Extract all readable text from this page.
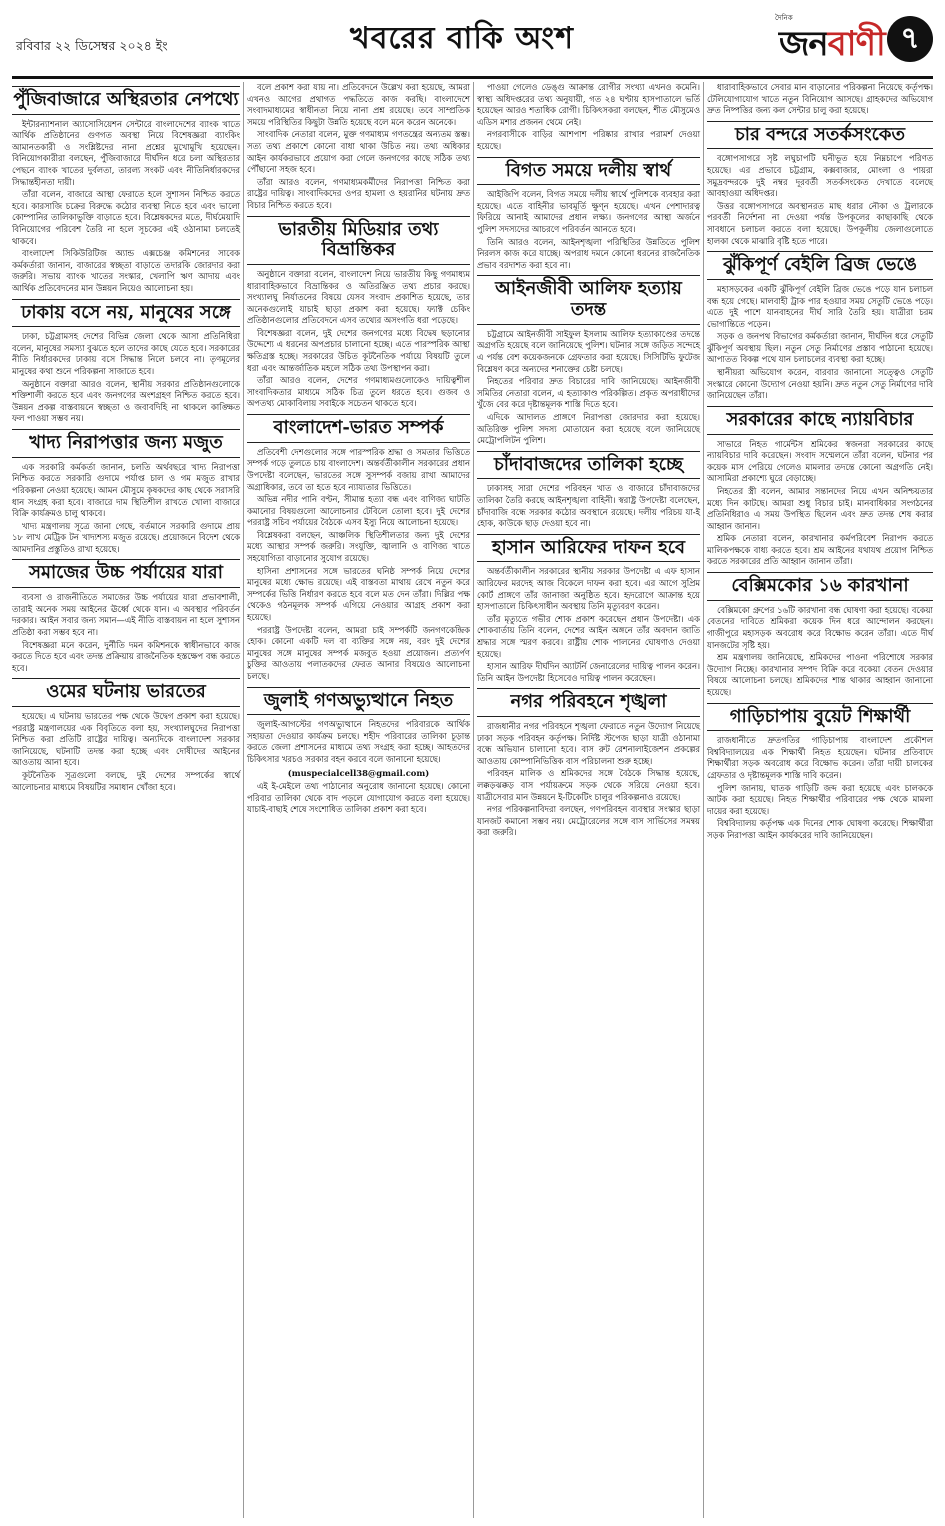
রবিবার ২২ ডিসেম্বর ২০২৪ ইং	খবরের বাকি অংশ
দৈনিক
জনবাণী ৭
পুঁজিবাজারে অস্থিরতার নেপথ্যে

ইন্টারন্যাশনাল অ্যাসোসিয়েশন সেন্টারে বাংলাদেশের ব্যাংক খাতে আর্থিক প্রতিষ্ঠানের গুণগত অবস্থা নিয়ে বিশেষজ্ঞরা ব্যাংকিং আমানতকারী ও সংশ্লিষ্টদের নানা প্রশ্নের মুখোমুখি হয়েছেন। বিনিয়োগকারীরা বলছেন, পুঁজিবাজারে দীর্ঘদিন ধরে চলা অস্থিরতার পেছনে ব্যাংক খাতের দুর্বলতা, তারল্য সংকট এবং নীতিনির্ধারকদের সিদ্ধান্তহীনতা দায়ী।

তাঁরা বলেন, বাজারে আস্থা ফেরাতে হলে সুশাসন নিশ্চিত করতে হবে। কারসাজি চক্রের বিরুদ্ধে কঠোর ব্যবস্থা নিতে হবে এবং ভালো কোম্পানির তালিকাভুক্তি বাড়াতে হবে। বিশ্লেষকদের মতে, দীর্ঘমেয়াদি বিনিয়োগের পরিবেশ তৈরি না হলে সূচকের এই ওঠানামা চলতেই থাকবে।

বাংলাদেশ সিকিউরিটিজ অ্যান্ড এক্সচেঞ্জ কমিশনের সাবেক কর্মকর্তারা জানান, বাজারের স্বচ্ছতা বাড়াতে তদারকি জোরদার করা জরুরি। সভায় ব্যাংক খাতের সংস্কার, খেলাপি ঋণ আদায় এবং আর্থিক প্রতিবেদনের মান উন্নয়ন নিয়েও আলোচনা হয়।

ঢাকায় বসে নয়, মানুষের সঙ্গে

ঢাকা, চট্টগ্রামসহ দেশের বিভিন্ন জেলা থেকে আসা প্রতিনিধিরা বলেন, মানুষের সমস্যা বুঝতে হলে তাদের কাছে যেতে হবে। সরকারের নীতি নির্ধারকদের ঢাকায় বসে সিদ্ধান্ত নিলে চলবে না। তৃণমূলের মানুষের কথা শুনে পরিকল্পনা সাজাতে হবে।

অনুষ্ঠানে বক্তারা আরও বলেন, স্থানীয় সরকার প্রতিষ্ঠানগুলোকে শক্তিশালী করতে হবে এবং জনগণের অংশগ্রহণ নিশ্চিত করতে হবে। উন্নয়ন প্রকল্প বাস্তবায়নে স্বচ্ছতা ও জবাবদিহি না থাকলে কাঙ্ক্ষিত ফল পাওয়া সম্ভব নয়।

খাদ্য নিরাপত্তার জন্য মজুত

এক সরকারি কর্মকর্তা জানান, চলতি অর্থবছরে খাদ্য নিরাপত্তা নিশ্চিত করতে সরকারি গুদামে পর্যাপ্ত চাল ও গম মজুত রাখার পরিকল্পনা নেওয়া হয়েছে। আমন মৌসুমে কৃষকদের কাছ থেকে সরাসরি ধান সংগ্রহ করা হবে। বাজারে দাম স্থিতিশীল রাখতে খোলা বাজারে বিক্রি কার্যক্রমও চালু থাকবে।

খাদ্য মন্ত্রণালয় সূত্রে জানা গেছে, বর্তমানে সরকারি গুদামে প্রায় ১৮ লাখ মেট্রিক টন খাদ্যশস্য মজুত রয়েছে। প্রয়োজনে বিদেশ থেকে আমদানির প্রস্তুতিও রাখা হয়েছে।

সমাজের উচ্চ পর্যায়ের যারা

ব্যবসা ও রাজনীতিতে সমাজের উচ্চ পর্যায়ের যারা প্রভাবশালী, তারাই অনেক সময় আইনের ঊর্ধ্বে থেকে যান। এ অবস্থার পরিবর্তন দরকার। আইন সবার জন্য সমান—এই নীতি বাস্তবায়ন না হলে সুশাসন প্রতিষ্ঠা করা সম্ভব হবে না।

বিশেষজ্ঞরা মনে করেন, দুর্নীতি দমন কমিশনকে স্বাধীনভাবে কাজ করতে দিতে হবে এবং তদন্ত প্রক্রিয়ায় রাজনৈতিক হস্তক্ষেপ বন্ধ করতে হবে।

ওমের ঘটনায় ভারতের

হয়েছে। এ ঘটনায় ভারতের পক্ষ থেকে উদ্বেগ প্রকাশ করা হয়েছে। পররাষ্ট্র মন্ত্রণালয়ের এক বিবৃতিতে বলা হয়, সংখ্যালঘুদের নিরাপত্তা নিশ্চিত করা প্রতিটি রাষ্ট্রের দায়িত্ব। অন্যদিকে বাংলাদেশ সরকার জানিয়েছে, ঘটনাটি তদন্ত করা হচ্ছে এবং দোষীদের আইনের আওতায় আনা হবে।

কূটনৈতিক সূত্রগুলো বলছে, দুই দেশের সম্পর্কের স্বার্থে আলোচনার মাধ্যমে বিষয়টির সমাধান খোঁজা হবে।

বলে প্রকাশ করা যায় না। প্রতিবেদনে উল্লেখ করা হয়েছে, আমরা এখনও আগের প্রথাগত পদ্ধতিতে কাজ করছি। বাংলাদেশে সংবাদমাধ্যমের স্বাধীনতা নিয়ে নানা প্রশ্ন রয়েছে। তবে সাম্প্রতিক সময়ে পরিস্থিতির কিছুটা উন্নতি হয়েছে বলে মনে করেন অনেকে।

সাংবাদিক নেতারা বলেন, মুক্ত গণমাধ্যম গণতন্ত্রের অন্যতম স্তম্ভ। সত্য তথ্য প্রকাশে কোনো বাধা থাকা উচিত নয়। তথ্য অধিকার আইন কার্যকরভাবে প্রয়োগ করা গেলে জনগণের কাছে সঠিক তথ্য পৌঁছানো সহজ হবে।

তাঁরা আরও বলেন, গণমাধ্যমকর্মীদের নিরাপত্তা নিশ্চিত করা রাষ্ট্রের দায়িত্ব। সাংবাদিকদের ওপর হামলা ও হয়রানির ঘটনায় দ্রুত বিচার নিশ্চিত করতে হবে।

ভারতীয় মিডিয়ার তথ্য বিভ্রান্তিকর

অনুষ্ঠানে বক্তারা বলেন, বাংলাদেশ নিয়ে ভারতীয় কিছু গণমাধ্যম ধারাবাহিকভাবে বিভ্রান্তিকর ও অতিরঞ্জিত তথ্য প্রচার করছে। সংখ্যালঘু নির্যাতনের বিষয়ে যেসব সংবাদ প্রকাশিত হয়েছে, তার অনেকগুলোই যাচাই ছাড়া প্রকাশ করা হয়েছে। ফ্যাক্ট চেকিং প্রতিষ্ঠানগুলোর প্রতিবেদনে এসব তথ্যের অসংগতি ধরা পড়েছে।

বিশেষজ্ঞরা বলেন, দুই দেশের জনগণের মধ্যে বিদ্বেষ ছড়ানোর উদ্দেশ্যে এ ধরনের অপপ্রচার চালানো হচ্ছে। এতে পারস্পরিক আস্থা ক্ষতিগ্রস্ত হচ্ছে। সরকারের উচিত কূটনৈতিক পর্যায়ে বিষয়টি তুলে ধরা এবং আন্তর্জাতিক মহলে সঠিক তথ্য উপস্থাপন করা।

তাঁরা আরও বলেন, দেশের গণমাধ্যমগুলোকেও দায়িত্বশীল সাংবাদিকতার মাধ্যমে সঠিক চিত্র তুলে ধরতে হবে। গুজব ও অপতথ্য মোকাবিলায় সবাইকে সচেতন থাকতে হবে।

বাংলাদেশ-ভারত সম্পর্ক

প্রতিবেশী দেশগুলোর সঙ্গে পারস্পরিক শ্রদ্ধা ও সমতার ভিত্তিতে সম্পর্ক গড়ে তুলতে চায় বাংলাদেশ। অন্তর্বর্তীকালীন সরকারের প্রধান উপদেষ্টা বলেছেন, ভারতের সঙ্গে সুসম্পর্ক বজায় রাখা আমাদের অগ্রাধিকার, তবে তা হতে হবে ন্যায্যতার ভিত্তিতে।

অভিন্ন নদীর পানি বণ্টন, সীমান্ত হত্যা বন্ধ এবং বাণিজ্য ঘাটতি কমানোর বিষয়গুলো আলোচনার টেবিলে তোলা হবে। দুই দেশের পররাষ্ট্র সচিব পর্যায়ের বৈঠকে এসব ইস্যু নিয়ে আলোচনা হয়েছে।

বিশ্লেষকরা বলছেন, আঞ্চলিক স্থিতিশীলতার জন্য দুই দেশের মধ্যে আস্থার সম্পর্ক জরুরি। সংযুক্তি, জ্বালানি ও বাণিজ্য খাতে সহযোগিতা বাড়ানোর সুযোগ রয়েছে।

হাসিনা প্রশাসনের সঙ্গে ভারতের ঘনিষ্ঠ সম্পর্ক নিয়ে দেশের মানুষের মধ্যে ক্ষোভ রয়েছে। এই বাস্তবতা মাথায় রেখে নতুন করে সম্পর্কের ভিত্তি নির্ধারণ করতে হবে বলে মত দেন তাঁরা। দিল্লির পক্ষ থেকেও গঠনমূলক সম্পর্ক এগিয়ে নেওয়ার আগ্রহ প্রকাশ করা হয়েছে।

পররাষ্ট্র উপদেষ্টা বলেন, আমরা চাই সম্পর্কটি জনগণকেন্দ্রিক হোক। কোনো একটি দল বা ব্যক্তির সঙ্গে নয়, বরং দুই দেশের মানুষের সঙ্গে মানুষের সম্পর্ক মজবুত হওয়া প্রয়োজন। প্রত্যর্পণ চুক্তির আওতায় পলাতকদের ফেরত আনার বিষয়েও আলোচনা চলছে।

জুলাই গণঅভ্যুত্থানে নিহত

জুলাই-আগস্টের গণঅভ্যুত্থানে নিহতদের পরিবারকে আর্থিক সহায়তা দেওয়ার কার্যক্রম চলছে। শহীদ পরিবারের তালিকা চূড়ান্ত করতে জেলা প্রশাসনের মাধ্যমে তথ্য সংগ্রহ করা হচ্ছে। আহতদের চিকিৎসার খরচও সরকার বহন করবে বলে জানানো হয়েছে।

(muspecialcell38@gmail.com)

এই ই-মেইলে তথ্য পাঠানোর অনুরোধ জানানো হয়েছে। কোনো পরিবার তালিকা থেকে বাদ পড়লে যোগাযোগ করতে বলা হয়েছে। যাচাই-বাছাই শেষে সংশোধিত তালিকা প্রকাশ করা হবে।

পাওয়া গেলেও ডেঙ্গু আক্রান্ত রোগীর সংখ্যা এখনও কমেনি। স্বাস্থ্য অধিদপ্তরের তথ্য অনুযায়ী, গত ২৪ ঘণ্টায় হাসপাতালে ভর্তি হয়েছেন আরও শতাধিক রোগী। চিকিৎসকরা বলছেন, শীত মৌসুমেও এডিস মশার প্রজনন থেমে নেই।

নগরবাসীকে বাড়ির আশপাশ পরিষ্কার রাখার পরামর্শ দেওয়া হয়েছে।

বিগত সময়ে দলীয় স্বার্থ

আইজিপি বলেন, বিগত সময়ে দলীয় স্বার্থে পুলিশকে ব্যবহার করা হয়েছে। এতে বাহিনীর ভাবমূর্তি ক্ষুণ্ন হয়েছে। এখন পেশাদারত্ব ফিরিয়ে আনাই আমাদের প্রধান লক্ষ্য। জনগণের আস্থা অর্জনে পুলিশ সদস্যদের আচরণে পরিবর্তন আনতে হবে।

তিনি আরও বলেন, আইনশৃঙ্খলা পরিস্থিতির উন্নতিতে পুলিশ নিরলস কাজ করে যাচ্ছে। অপরাধ দমনে কোনো ধরনের রাজনৈতিক প্রভাব বরদাশত করা হবে না।

আইনজীবী আলিফ হত্যায় তদন্ত

চট্টগ্রামে আইনজীবী সাইফুল ইসলাম আলিফ হত্যাকাণ্ডের তদন্তে অগ্রগতি হয়েছে বলে জানিয়েছে পুলিশ। ঘটনার সঙ্গে জড়িত সন্দেহে এ পর্যন্ত বেশ কয়েকজনকে গ্রেফতার করা হয়েছে। সিসিটিভি ফুটেজ বিশ্লেষণ করে অন্যদের শনাক্তের চেষ্টা চলছে।

নিহতের পরিবার দ্রুত বিচারের দাবি জানিয়েছে। আইনজীবী সমিতির নেতারা বলেন, এ হত্যাকাণ্ড পরিকল্পিত। প্রকৃত অপরাধীদের খুঁজে বের করে দৃষ্টান্তমূলক শাস্তি দিতে হবে।

এদিকে আদালত প্রাঙ্গণে নিরাপত্তা জোরদার করা হয়েছে। অতিরিক্ত পুলিশ সদস্য মোতায়েন করা হয়েছে বলে জানিয়েছে মেট্রোপলিটন পুলিশ।

চাঁদাবাজদের তালিকা হচ্ছে

ঢাকাসহ সারা দেশের পরিবহন খাত ও বাজারে চাঁদাবাজদের তালিকা তৈরি করছে আইনশৃঙ্খলা বাহিনী। স্বরাষ্ট্র উপদেষ্টা বলেছেন, চাঁদাবাজি বন্ধে সরকার কঠোর অবস্থানে রয়েছে। দলীয় পরিচয় যা-ই হোক, কাউকে ছাড় দেওয়া হবে না।

হাসান আরিফের দাফন হবে

অন্তর্বর্তীকালীন সরকারের স্থানীয় সরকার উপদেষ্টা এ এফ হাসান আরিফের মরদেহ আজ বিকেলে দাফন করা হবে। এর আগে সুপ্রিম কোর্ট প্রাঙ্গণে তাঁর জানাজা অনুষ্ঠিত হবে। হৃদরোগে আক্রান্ত হয়ে হাসপাতালে চিকিৎসাধীন অবস্থায় তিনি মৃত্যুবরণ করেন।

তাঁর মৃত্যুতে গভীর শোক প্রকাশ করেছেন প্রধান উপদেষ্টা। এক শোকবার্তায় তিনি বলেন, দেশের আইন অঙ্গনে তাঁর অবদান জাতি শ্রদ্ধার সঙ্গে স্মরণ করবে। রাষ্ট্রীয় শোক পালনের ঘোষণাও দেওয়া হয়েছে।

হাসান আরিফ দীর্ঘদিন অ্যাটর্নি জেনারেলের দায়িত্ব পালন করেন। তিনি আইন উপদেষ্টা হিসেবেও দায়িত্ব পালন করেছেন।

নগর পরিবহনে শৃঙ্খলা

রাজধানীর নগর পরিবহনে শৃঙ্খলা ফেরাতে নতুন উদ্যোগ নিয়েছে ঢাকা সড়ক পরিবহন কর্তৃপক্ষ। নির্দিষ্ট স্টপেজ ছাড়া যাত্রী ওঠানামা বন্ধে অভিযান চালানো হবে। বাস রুট রেশনালাইজেশন প্রকল্পের আওতায় কোম্পানিভিত্তিক বাস পরিচালনা শুরু হচ্ছে।

পরিবহন মালিক ও শ্রমিকদের সঙ্গে বৈঠকে সিদ্ধান্ত হয়েছে, লক্কড়ঝক্কড় বাস পর্যায়ক্রমে সড়ক থেকে সরিয়ে নেওয়া হবে। যাত্রীসেবার মান উন্নয়নে ই-টিকেটিং চালুর পরিকল্পনাও রয়েছে।

নগর পরিকল্পনাবিদরা বলছেন, গণপরিবহন ব্যবস্থার সংস্কার ছাড়া যানজট কমানো সম্ভব নয়। মেট্রোরেলের সঙ্গে বাস সার্ভিসের সমন্বয় করা জরুরি।

ধারাবাহিকভাবে সেবার মান বাড়ানোর পরিকল্পনা নিয়েছে কর্তৃপক্ষ। টেলিযোগাযোগ খাতে নতুন বিনিয়োগ আসছে। গ্রাহকদের অভিযোগ দ্রুত নিষ্পত্তির জন্য কল সেন্টার চালু করা হয়েছে।

চার বন্দরে সতর্কসংকেত

বঙ্গোপসাগরে সৃষ্ট লঘুচাপটি ঘনীভূত হয়ে নিম্নচাপে পরিণত হয়েছে। এর প্রভাবে চট্টগ্রাম, কক্সবাজার, মোংলা ও পায়রা সমুদ্রবন্দরকে দুই নম্বর দূরবর্তী সতর্কসংকেত দেখাতে বলেছে আবহাওয়া অধিদপ্তর।

উত্তর বঙ্গোপসাগরে অবস্থানরত মাছ ধরার নৌকা ও ট্রলারকে পরবর্তী নির্দেশনা না দেওয়া পর্যন্ত উপকূলের কাছাকাছি থেকে সাবধানে চলাচল করতে বলা হয়েছে। উপকূলীয় জেলাগুলোতে হালকা থেকে মাঝারি বৃষ্টি হতে পারে।

ঝুঁকিপূর্ণ বেইলি ব্রিজ ভেঙে

মহাসড়কের একটি ঝুঁকিপূর্ণ বেইলি ব্রিজ ভেঙে পড়ে যান চলাচল বন্ধ হয়ে গেছে। মালবাহী ট্রাক পার হওয়ার সময় সেতুটি ভেঙে পড়ে। এতে দুই পাশে যানবাহনের দীর্ঘ সারি তৈরি হয়। যাত্রীরা চরম ভোগান্তিতে পড়েন।

সড়ক ও জনপথ বিভাগের কর্মকর্তারা জানান, দীর্ঘদিন ধরে সেতুটি ঝুঁকিপূর্ণ অবস্থায় ছিল। নতুন সেতু নির্মাণের প্রস্তাব পাঠানো হয়েছে। আপাতত বিকল্প পথে যান চলাচলের ব্যবস্থা করা হচ্ছে।

স্থানীয়রা অভিযোগ করেন, বারবার জানানো সত্ত্বেও সেতুটি সংস্কারে কোনো উদ্যোগ নেওয়া হয়নি। দ্রুত নতুন সেতু নির্মাণের দাবি জানিয়েছেন তাঁরা।

সরকারের কাছে ন্যায়বিচার

সাভারে নিহত গার্মেন্টস শ্রমিকের স্বজনরা সরকারের কাছে ন্যায়বিচার দাবি করেছেন। সংবাদ সম্মেলনে তাঁরা বলেন, ঘটনার পর কয়েক মাস পেরিয়ে গেলেও মামলার তদন্তে কোনো অগ্রগতি নেই। আসামিরা প্রকাশ্যে ঘুরে বেড়াচ্ছে।

নিহতের স্ত্রী বলেন, আমার সন্তানদের নিয়ে এখন অনিশ্চয়তার মধ্যে দিন কাটছে। আমরা শুধু বিচার চাই। মানবাধিকার সংগঠনের প্রতিনিধিরাও এ সময় উপস্থিত ছিলেন এবং দ্রুত তদন্ত শেষ করার আহ্বান জানান।

শ্রমিক নেতারা বলেন, কারখানার কর্মপরিবেশ নিরাপদ করতে মালিকপক্ষকে বাধ্য করতে হবে। শ্রম আইনের যথাযথ প্রয়োগ নিশ্চিত করতে সরকারের প্রতি আহ্বান জানান তাঁরা।

বেক্সিমকোর ১৬ কারখানা

বেক্সিমকো গ্রুপের ১৬টি কারখানা বন্ধ ঘোষণা করা হয়েছে। বকেয়া বেতনের দাবিতে শ্রমিকরা কয়েক দিন ধরে আন্দোলন করছেন। গাজীপুরে মহাসড়ক অবরোধ করে বিক্ষোভ করেন তাঁরা। এতে দীর্ঘ যানজটের সৃষ্টি হয়।

শ্রম মন্ত্রণালয় জানিয়েছে, শ্রমিকদের পাওনা পরিশোধে সরকার উদ্যোগ নিচ্ছে। কারখানার সম্পদ বিক্রি করে বকেয়া বেতন দেওয়ার বিষয়ে আলোচনা চলছে। শ্রমিকদের শান্ত থাকার আহ্বান জানানো হয়েছে।

গাড়িচাপায় বুয়েট শিক্ষার্থী

রাজধানীতে দ্রুতগতির গাড়িচাপায় বাংলাদেশ প্রকৌশল বিশ্ববিদ্যালয়ের এক শিক্ষার্থী নিহত হয়েছেন। ঘটনার প্রতিবাদে শিক্ষার্থীরা সড়ক অবরোধ করে বিক্ষোভ করেন। তাঁরা দায়ী চালকের গ্রেফতার ও দৃষ্টান্তমূলক শাস্তি দাবি করেন।

পুলিশ জানায়, ঘাতক গাড়িটি জব্দ করা হয়েছে এবং চালককে আটক করা হয়েছে। নিহত শিক্ষার্থীর পরিবারের পক্ষ থেকে মামলা দায়ের করা হয়েছে।

বিশ্ববিদ্যালয় কর্তৃপক্ষ এক দিনের শোক ঘোষণা করেছে। শিক্ষার্থীরা সড়ক নিরাপত্তা আইন কার্যকরের দাবি জানিয়েছেন।
